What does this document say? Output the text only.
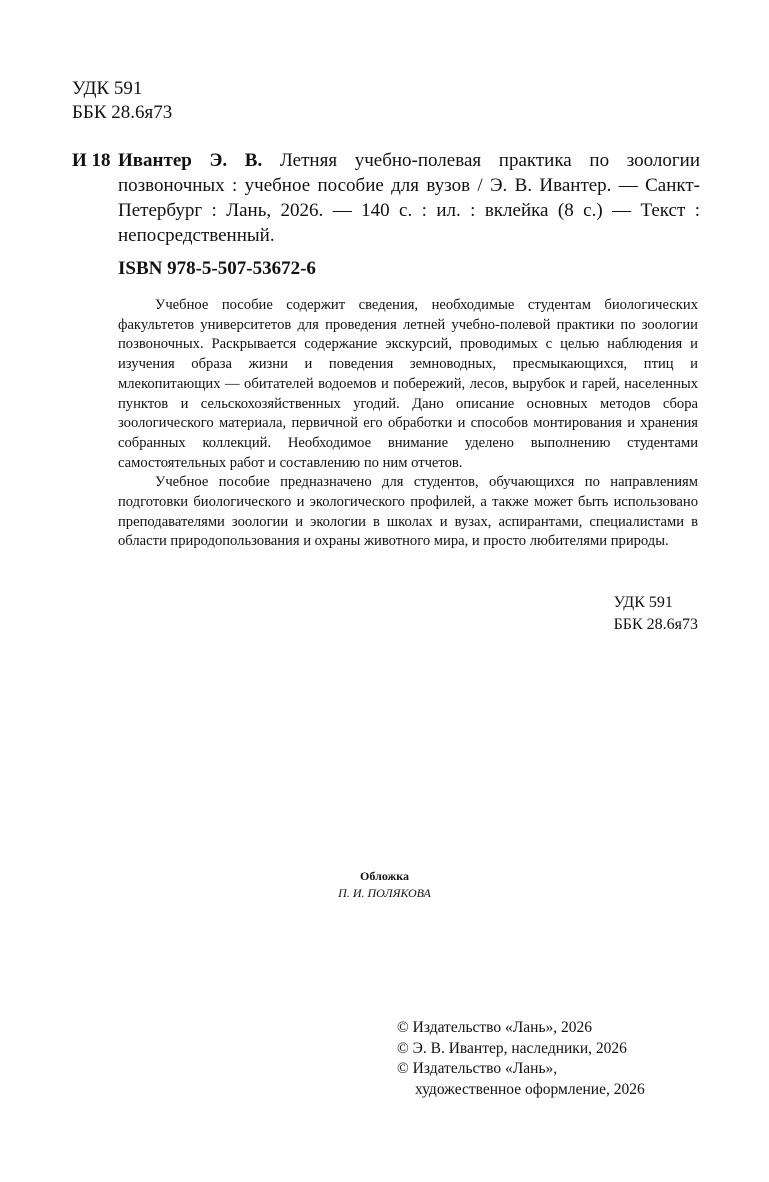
УДК 591
ББК 28.6я73
И 18 Ивантер Э. В. Летняя учебно-полевая практика по зоологии позвоночных : учебное пособие для вузов / Э. В. Ивантер. — Санкт-Петербург : Лань, 2026. — 140 с. : ил. : вклейка (8 с.) — Текст : непосредственный.
ISBN 978-5-507-53672-6

Учебное пособие содержит сведения, необходимые студентам биологических факультетов университетов для проведения летней учебно-полевой практики по зоологии позвоночных. Раскрывается содержание экскурсий, проводимых с целью наблюдения и изучения образа жизни и поведения земноводных, пресмыкающихся, птиц и млекопитающих — обитателей водоемов и побережий, лесов, вырубок и гарей, населенных пунктов и сельскохозяйственных угодий. Дано описание основных методов сбора зоологического материала, первичной его обработки и способов монтирования и хранения собранных коллекций. Необходимое внимание уделено выполнению студентами самостоятельных работ и составлению по ним отчетов.

Учебное пособие предназначено для студентов, обучающихся по направлениям подготовки биологического и экологического профилей, а также может быть использовано преподавателями зоологии и экологии в школах и вузах, аспирантами, специалистами в области природопользования и охраны животного мира, и просто любителями природы.

УДК 591
ББК 28.6я73
Обложка
П. И. ПОЛЯКОВА
© Издательство «Лань», 2026
© Э. В. Ивантер, наследники, 2026
© Издательство «Лань»,
художественное оформление, 2026
